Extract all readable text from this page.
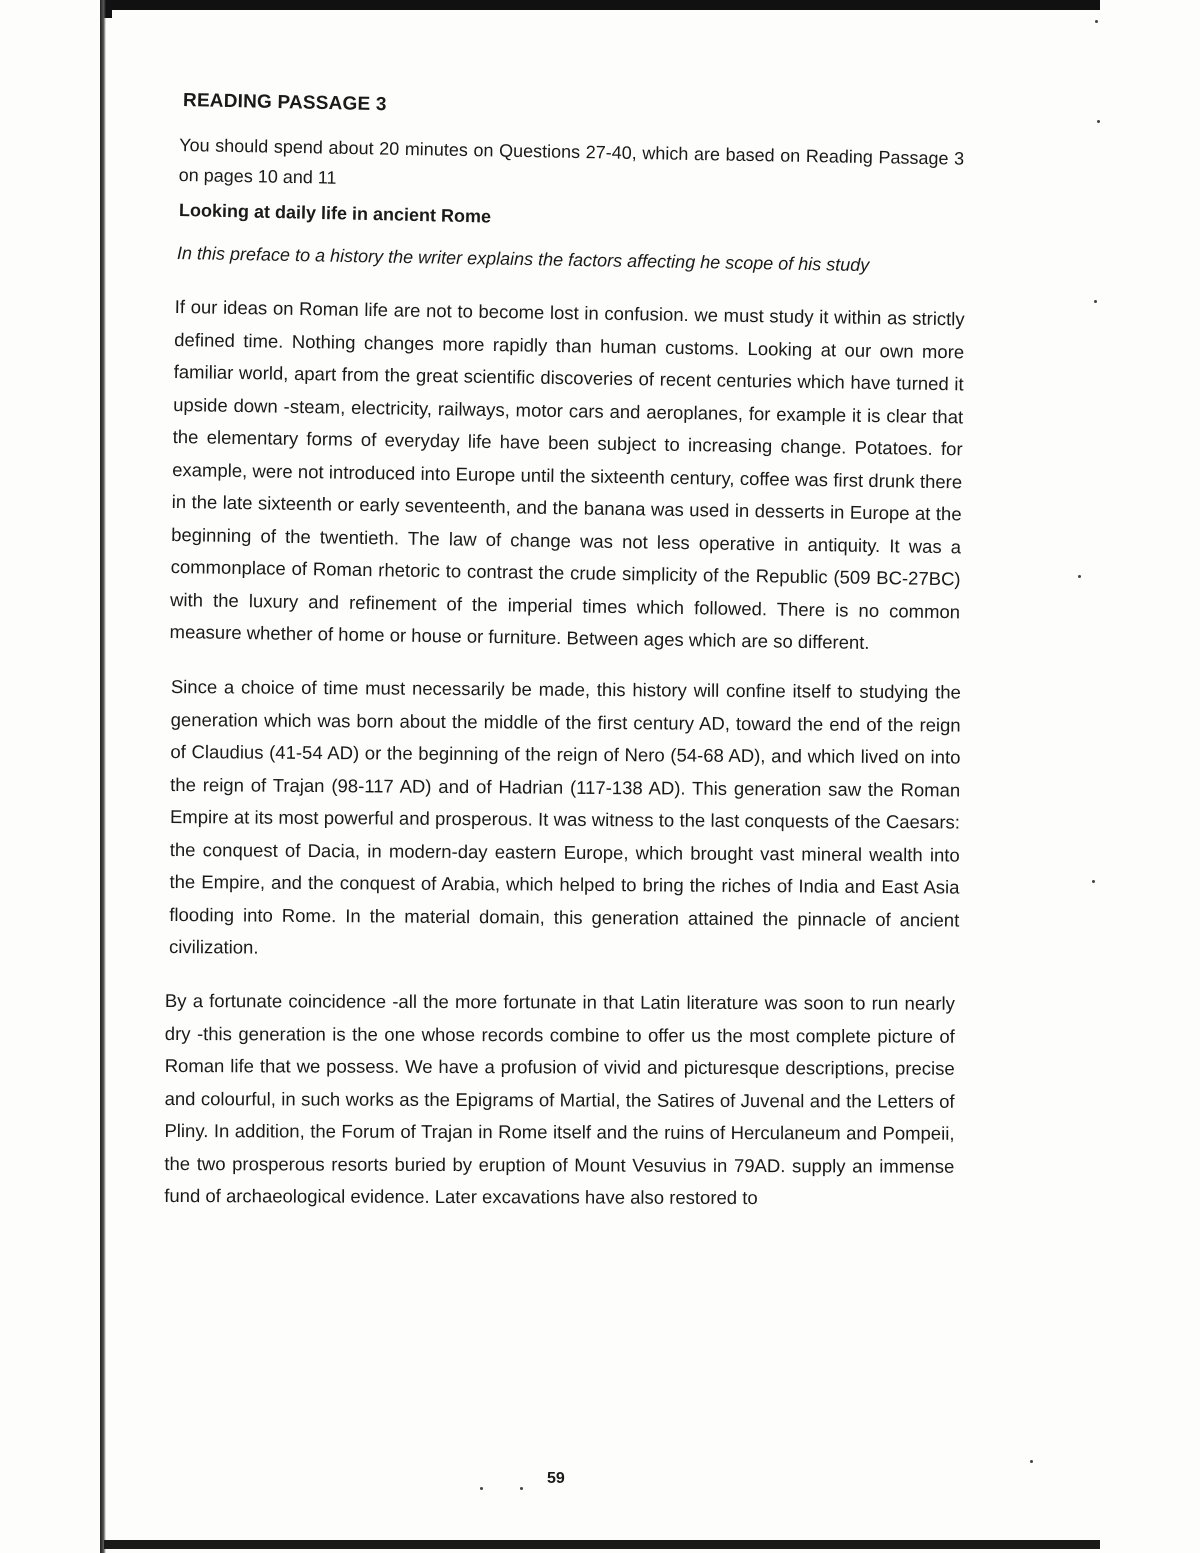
READING PASSAGE 3
You should spend about 20 minutes on Questions 27-40, which are based on Reading Passage 3 on pages 10 and 11
Looking at daily life in ancient Rome
In this preface to a history the writer explains the factors affecting he scope of his study

If our ideas on Roman life are not to become lost in confusion. we must study it within as strictly defined time. Nothing changes more rapidly than human customs. Looking at our own more familiar world, apart from the great scientific discoveries of recent centuries which have turned it upside down -steam, electricity, railways, motor cars and aeroplanes, for example it is clear that the elementary forms of everyday life have been subject to increasing change. Potatoes. for example, were not introduced into Europe until the sixteenth century, coffee was first drunk there in the late sixteenth or early seventeenth, and the banana was used in desserts in Europe at the beginning of the twentieth. The law of change was not less operative in antiquity. It was a commonplace of Roman rhetoric to contrast the crude simplicity of the Republic (509 BC-27BC) with the luxury and refinement of the imperial times which followed. There is no common measure whether of home or house or furniture. Between ages which are so different.

Since a choice of time must necessarily be made, this history will confine itself to studying the generation which was born about the middle of the first century AD, toward the end of the reign of Claudius (41-54 AD) or the beginning of the reign of Nero (54-68 AD), and which lived on into the reign of Trajan (98-117 AD) and of Hadrian (117-138 AD). This generation saw the Roman Empire at its most powerful and prosperous. It was witness to the last conquests of the Caesars: the conquest of Dacia, in modern-day eastern Europe, which brought vast mineral wealth into the Empire, and the conquest of Arabia, which helped to bring the riches of India and East Asia flooding into Rome. In the material domain, this generation attained the pinnacle of ancient civilization.

By a fortunate coincidence -all the more fortunate in that Latin literature was soon to run nearly dry -this generation is the one whose records combine to offer us the most complete picture of Roman life that we possess. We have a profusion of vivid and picturesque descriptions, precise and colourful, in such works as the Epigrams of Martial, the Satires of Juvenal and the Letters of Pliny. In addition, the Forum of Trajan in Rome itself and the ruins of Herculaneum and Pompeii, the two prosperous resorts buried by eruption of Mount Vesuvius in 79AD. supply an immense fund of archaeological evidence. Later excavations have also restored to

59
